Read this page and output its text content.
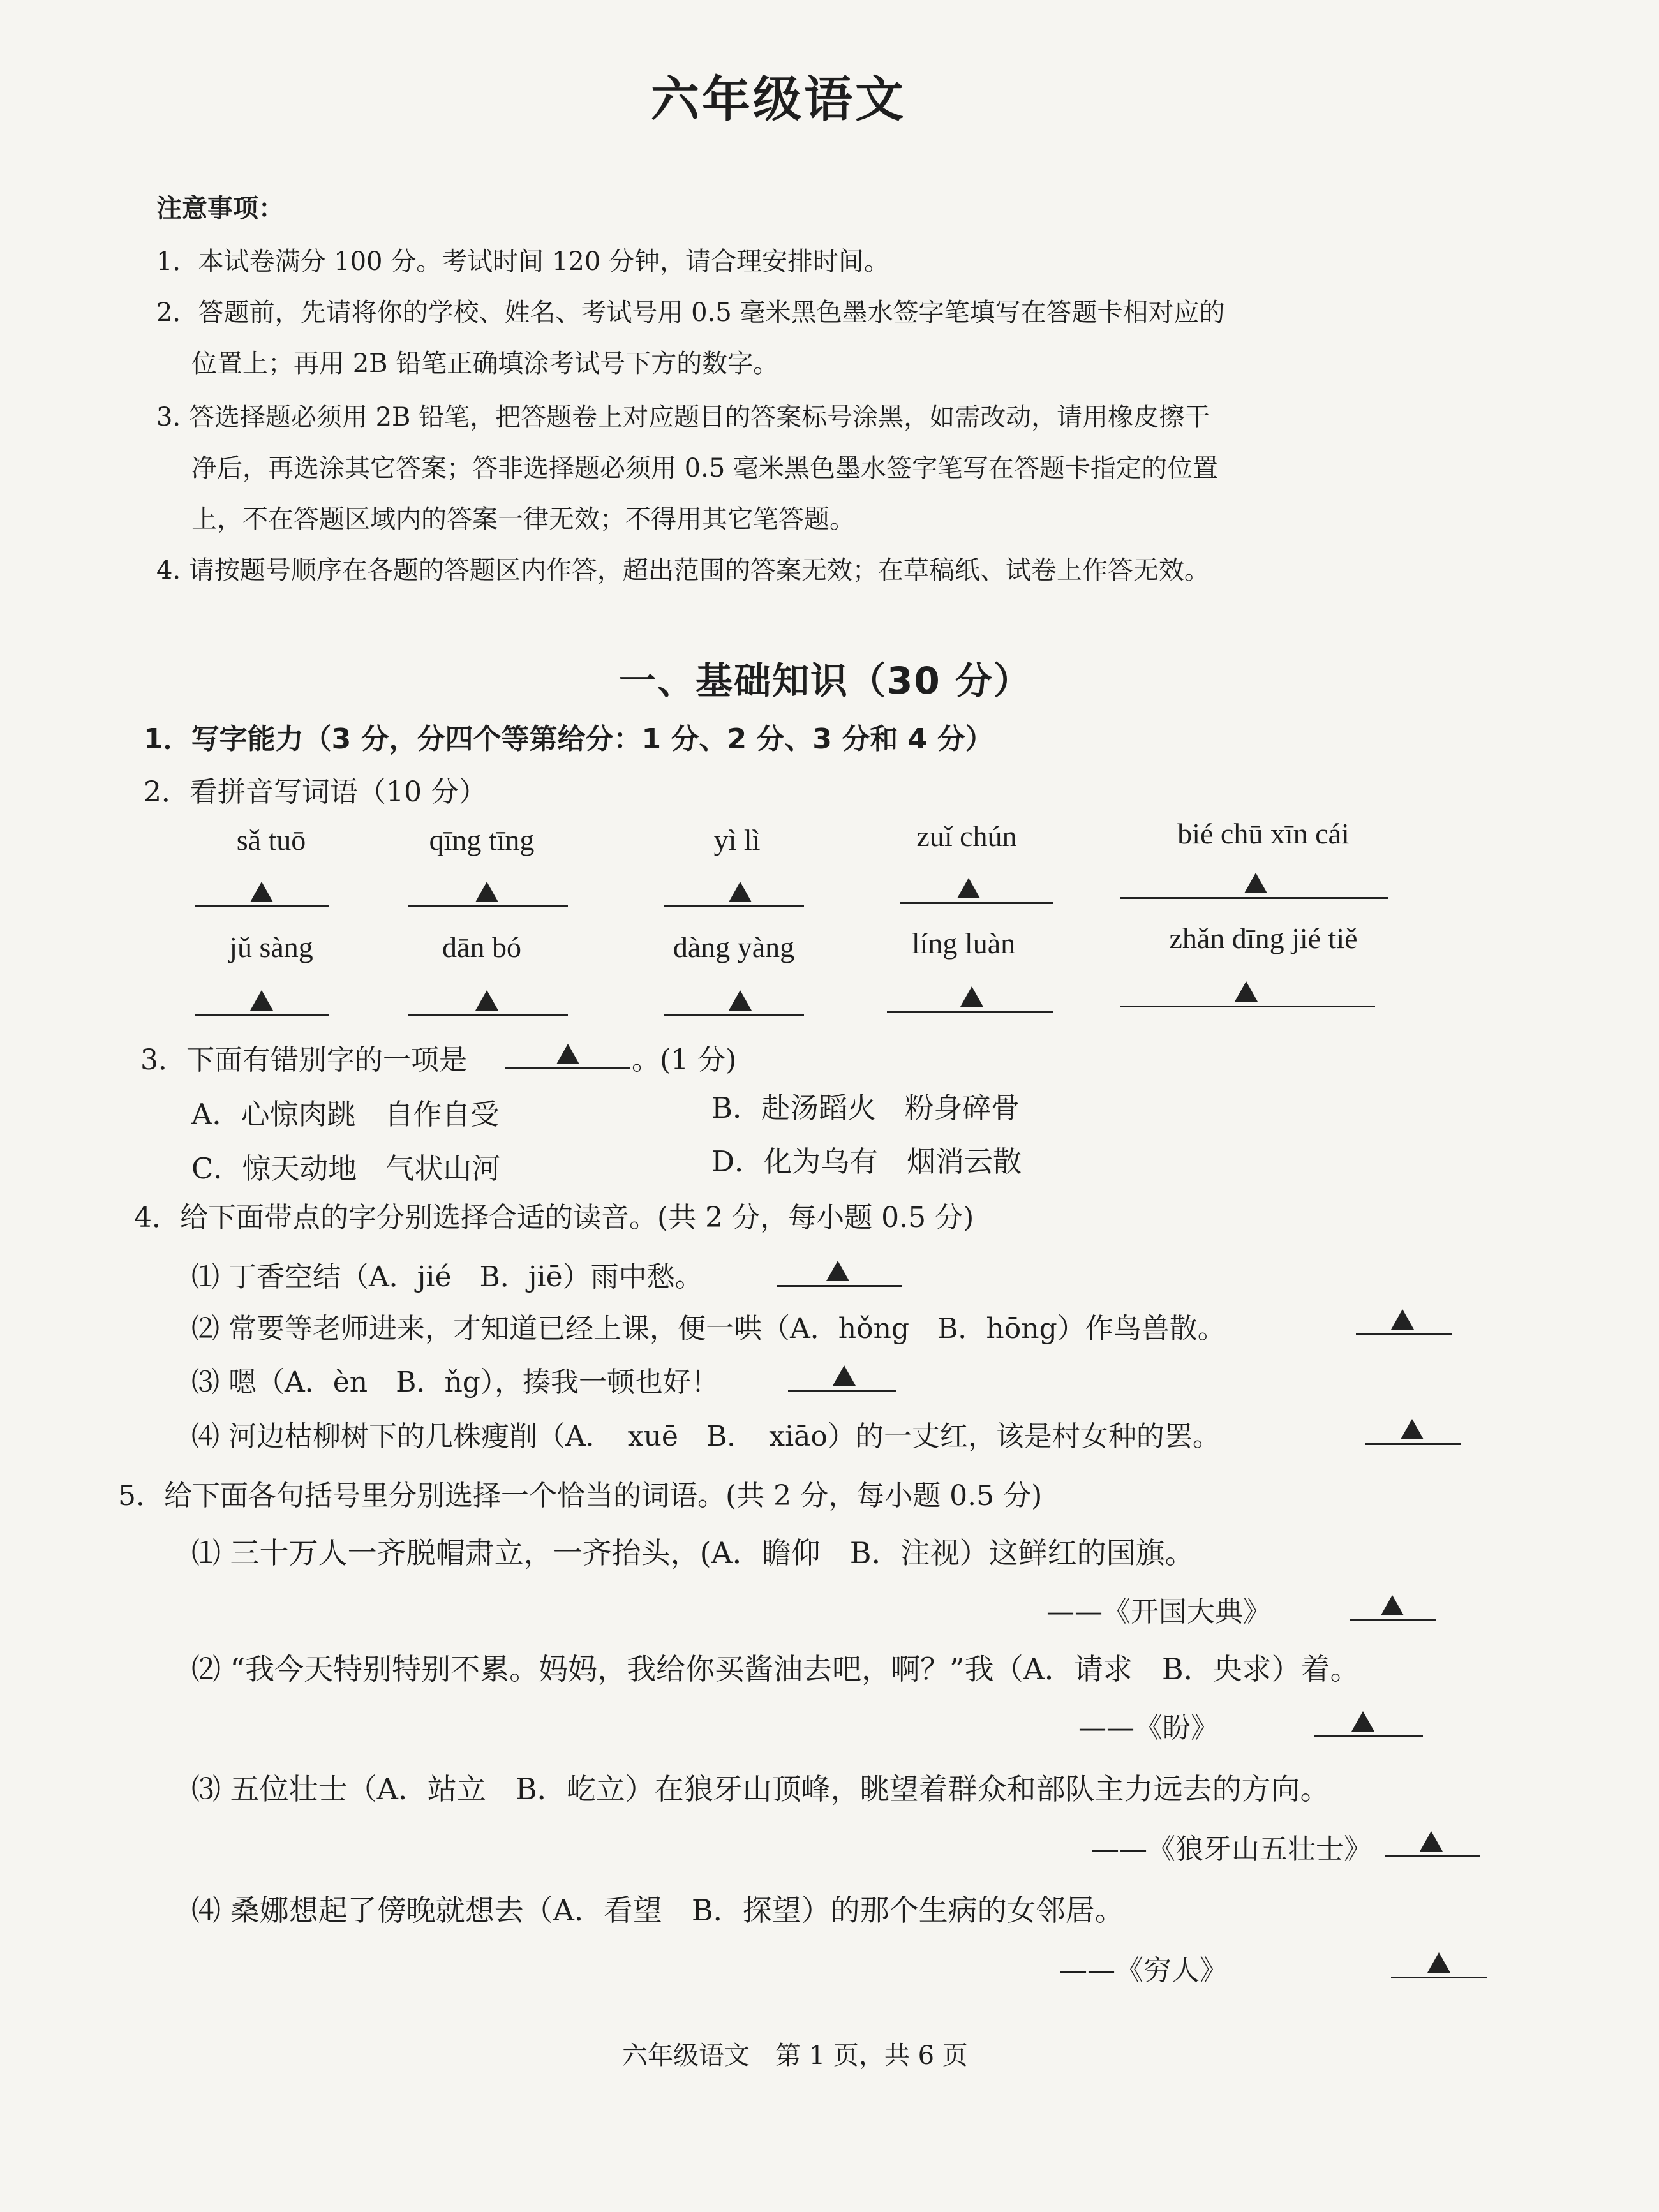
六年级语文
注意事项：
1．本试卷满分 100 分。考试时间 120 分钟，请合理安排时间。
2．答题前，先请将你的学校、姓名、考试号用 0.5 毫米黑色墨水签字笔填写在答题卡相对应的
位置上；再用 2B 铅笔正确填涂考试号下方的数字。
3. 答选择题必须用 2B 铅笔，把答题卷上对应题目的答案标号涂黑，如需改动，请用橡皮擦干
净后，再选涂其它答案；答非选择题必须用 0.5 毫米黑色墨水签字笔写在答题卡指定的位置
上，不在答题区域内的答案一律无效；不得用其它笔答题。
4. 请按题号顺序在各题的答题区内作答，超出范围的答案无效；在草稿纸、试卷上作答无效。
一、基础知识（30 分）
1．写字能力（3 分，分四个等第给分：1 分、2 分、3 分和 4 分）
2．看拼音写词语（10 分）
sǎ tuō	qīng tīng	yì lì	zuǐ chún	bié chū xīn cái
jǔ sàng	dān bó	dàng yàng	líng luàn	zhǎn dīng jié tiě
3．下面有错别字的一项是	。(1 分)
A．心惊肉跳　自作自受	B．赴汤蹈火　粉身碎骨
C．惊天动地　气状山河	D．化为乌有　烟消云散
4．给下面带点的字分别选择合适的读音。(共 2 分，每小题 0.5 分)
⑴ 丁香空结（A．jié　B．jiē）雨中愁。
⑵ 常要等老师进来，才知道已经上课，便一哄（A．hǒng　B．hōng）作鸟兽散。
⑶ 嗯（A．èn　B．ňg），揍我一顿也好！
⑷ 河边枯柳树下的几株瘦削（A．　xuē　B．　xiāo）的一丈红，该是村女种的罢。
5．给下面各句括号里分别选择一个恰当的词语。(共 2 分，每小题 0.5 分)
⑴ 三十万人一齐脱帽肃立，一齐抬头，(A．瞻仰　B．注视）这鲜红的国旗。
——《开国大典》
⑵ “我今天特别特别不累。妈妈，我给你买酱油去吧，啊？”我（A．请求　B．央求）着。
——《盼》
⑶ 五位壮士（A．站立　B．屹立）在狼牙山顶峰，眺望着群众和部队主力远去的方向。
——《狼牙山五壮士》
⑷ 桑娜想起了傍晚就想去（A．看望　B．探望）的那个生病的女邻居。
——《穷人》
六年级语文　第 1 页，共 6 页
